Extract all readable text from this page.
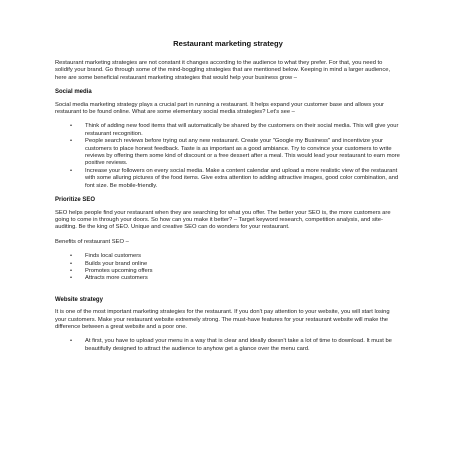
Restaurant marketing strategy

Restaurant marketing strategies are not constant it changes according to the audience to what they prefer. For that, you need to solidify your brand. Go through some of the mind-boggling strategies that are mentioned below. Keeping in mind a larger audience, here are some beneficial restaurant marketing strategies that would help your business grow –

Social media

Social media marketing strategy plays a crucial part in running a restaurant. It helps expand your customer base and allows your restaurant to be found online. What are some elementary social media strategies? Let's see –

• Think of adding new food items that will automatically be shared by the customers on their social media. This will give your restaurant recognition.
• People search reviews before trying out any new restaurant. Create your "Google my Business" and incentivize your customers to place honest feedback. Taste is as important as a good ambiance. Try to convince your customers to write reviews by offering them some kind of discount or a free dessert after a meal. This would lead your restaurant to earn more positive reviews.
• Increase your followers on every social media. Make a content calendar and upload a more realistic view of the restaurant with some alluring pictures of the food items. Give extra attention to adding attractive images, good color combination, and font size. Be mobile-friendly.
Prioritize SEO

SEO helps people find your restaurant when they are searching for what you offer. The better your SEO is, the more customers are going to come in through your doors. So how can you make it better? – Target keyword research, competition analysis, and site-auditing. Be the king of SEO. Unique and creative SEO can do wonders for your restaurant.

Benefits of restaurant SEO –

• Finds local customers
• Builds your brand online
• Promotes upcoming offers
• Attracts more customers
Website strategy

It is one of the most important marketing strategies for the restaurant. If you don't pay attention to your website, you will start losing your customers. Make your restaurant website extremely strong. The must-have features for your restaurant website will make the difference between a great website and a poor one.

• At first, you have to upload your menu in a way that is clear and ideally doesn't take a lot of time to download. It must be beautifully designed to attract the audience to anyhow get a glance over the menu card.
